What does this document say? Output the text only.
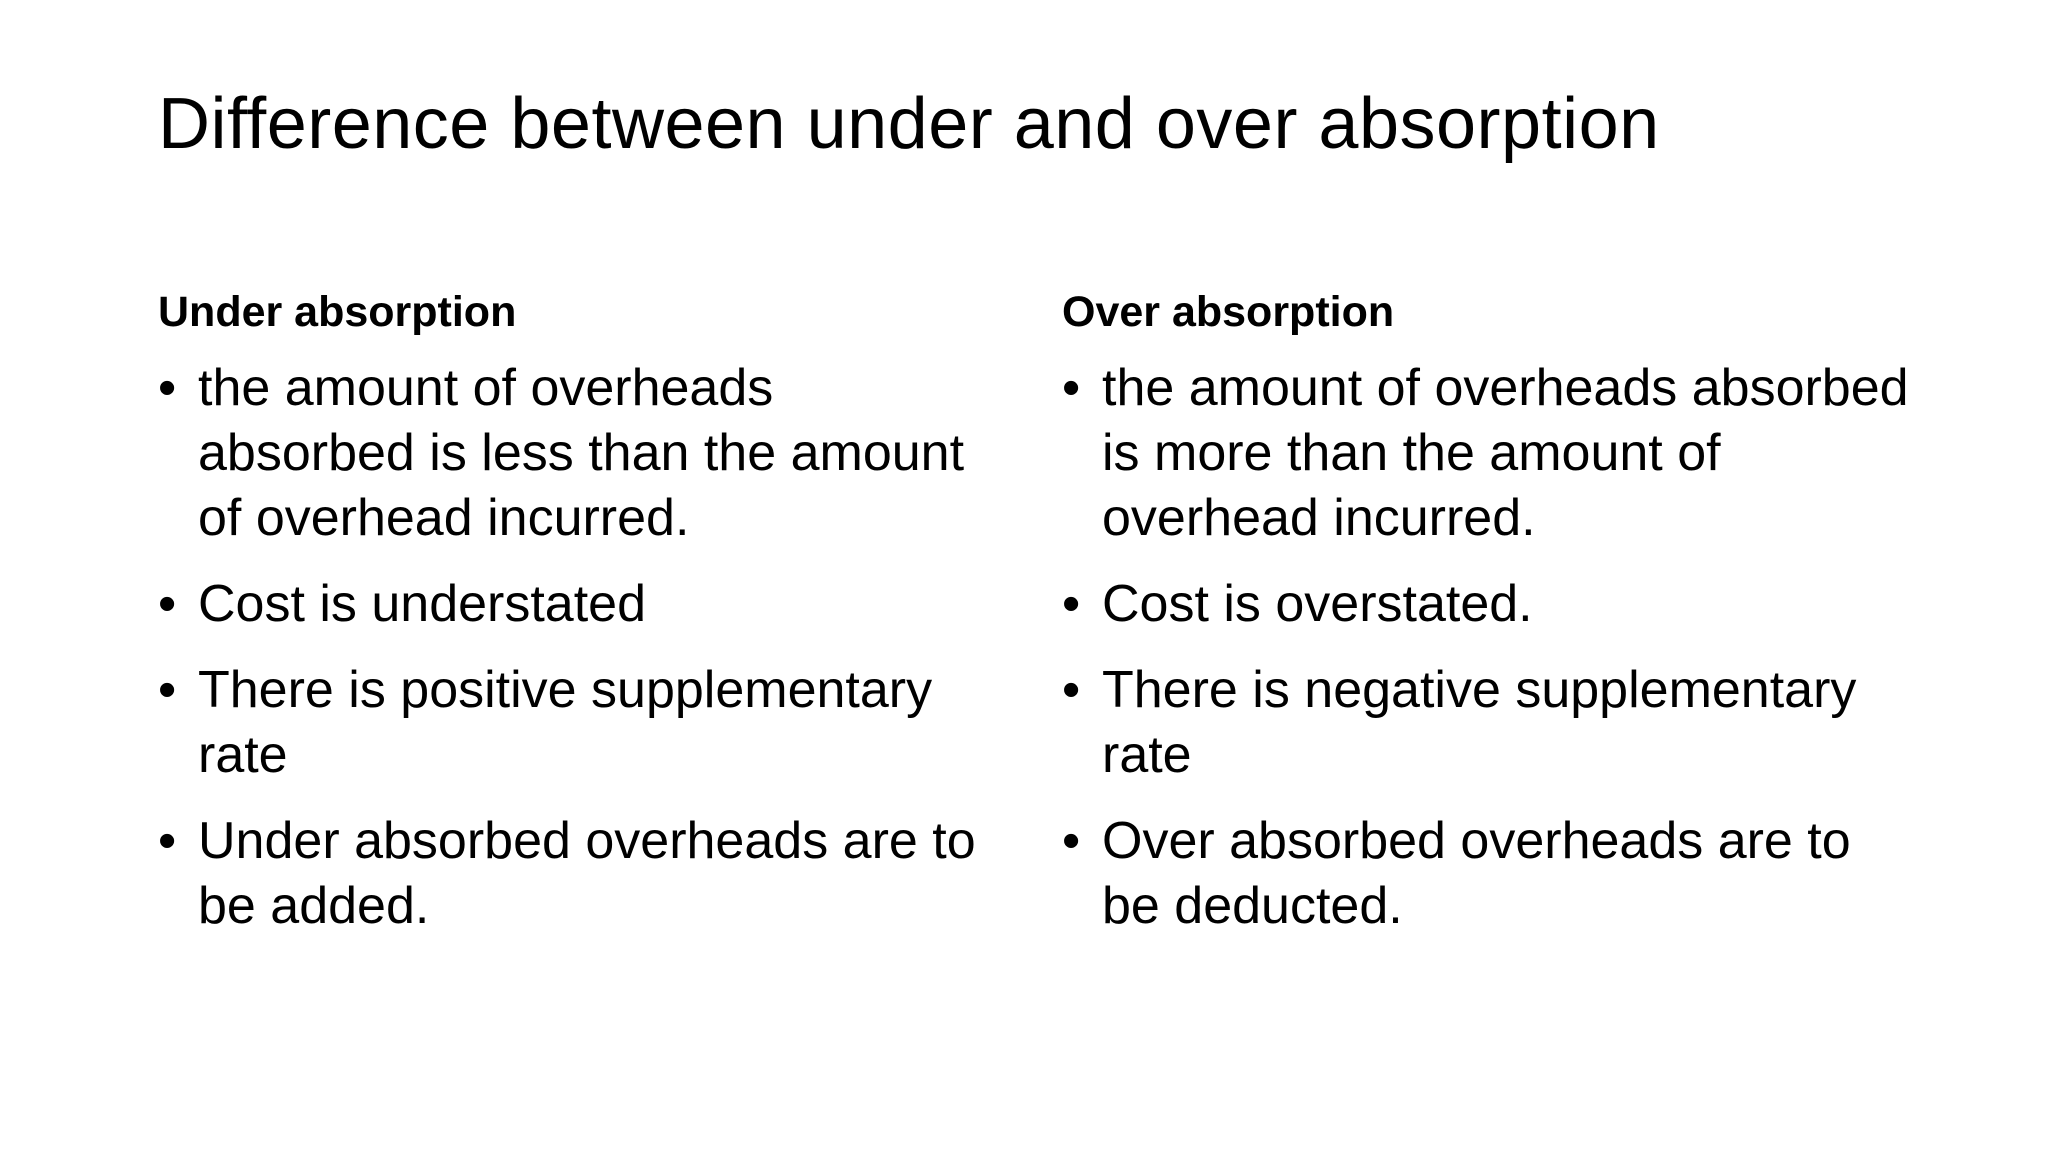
Difference between under and over absorption
Under absorption
• the amount of overheads absorbed is less than the amount of overhead incurred.
• Cost is understated
• There is positive supplementary rate
• Under absorbed overheads are to be added.
Over absorption
• the amount of overheads absorbed is more than the amount of overhead incurred.
• Cost is overstated.
• There is negative supplementary rate
• Over absorbed overheads are to be deducted.
